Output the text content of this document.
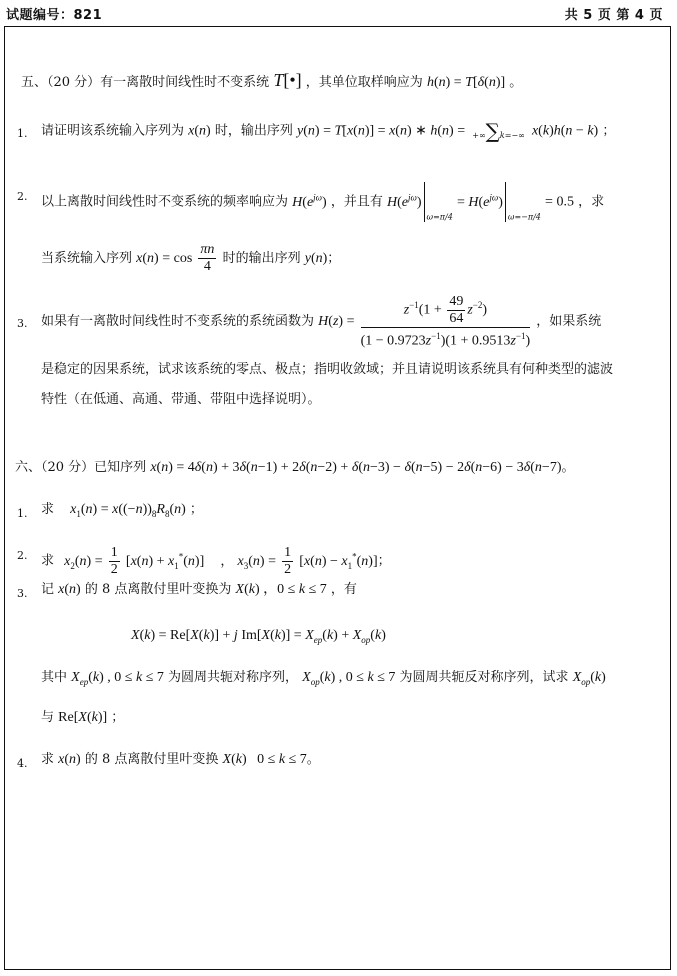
试题编号：821	共 5 页 第 4 页
五、（20 分）有一离散时间线性时不变系统 T[•] ，其单位取样响应为 h(n) = T[δ(n)] 。
1. 请证明该系统输入序列为 x(n) 时，输出序列 y(n) = T[x(n)] = x(n) ∗ h(n) = +∞∑k=−∞ x(k)h(n − k) ；
2. 以上离散时间线性时不变系统的频率响应为 $H(e^{j\omega})$ ，并且有 $H(e^{j\omega})_{\omega=\pi/4} = H(e^{j\omega})_{\omega=-\pi/4} = 0.5$ ，求
当系统输入序列 $x(n) = \cos \frac{\pi n}{4}$ 时的输出序列 y(n)；
3. 如果有一离散时间线性时不变系统的系统函数为 $H(z) = \frac{z^{-1}(1 + \frac{49}{64} z^{-2})}{(1 - 0.9723z^{-1})(1 + 0.9513z^{-1})}$ ，如果系统
是稳定的因果系统，试求该系统的零点、极点；指明收敛域；并且请说明该系统具有何种类型的滤波
特性（在低通、高通、带通、带阻中选择说明）。
六、（20 分）已知序列 x(n) = 4δ(n) + 3δ(n−1) + 2δ(n−2) + δ(n−3) − δ(n−5) − 2δ(n−6) − 3δ(n−7)。
1. 求 $x_1(n) = x((-n))_8R_8(n)$ ；
2. 求 $x_2(n) = \frac{1}{2} [x(n) + x_1^*(n)]$ ， $x_3(n) = \frac{1}{2} [x(n) - x_1^*(n)]$；
3. 记 x(n) 的 8 点离散付里叶变换为 X(k) ，0 ≤ k ≤ 7 ，有
X(k) = Re[X(k)] + j $Im[X(k)] = X_{ep}(k) + X_{op}(k)$
其中 $X_{ep}(k)$ , 0 ≤ k ≤ 7 为圆周共轭对称序列， $X_{op}(k)$ , 0 ≤ k ≤ 7 为圆周共轭反对称序列，试求 $X_{op}(k)$
与 Re[X(k)] ；
4. 求 x(n) 的 8 点离散付里叶变换 X(k)   0 ≤ k ≤ 7。
